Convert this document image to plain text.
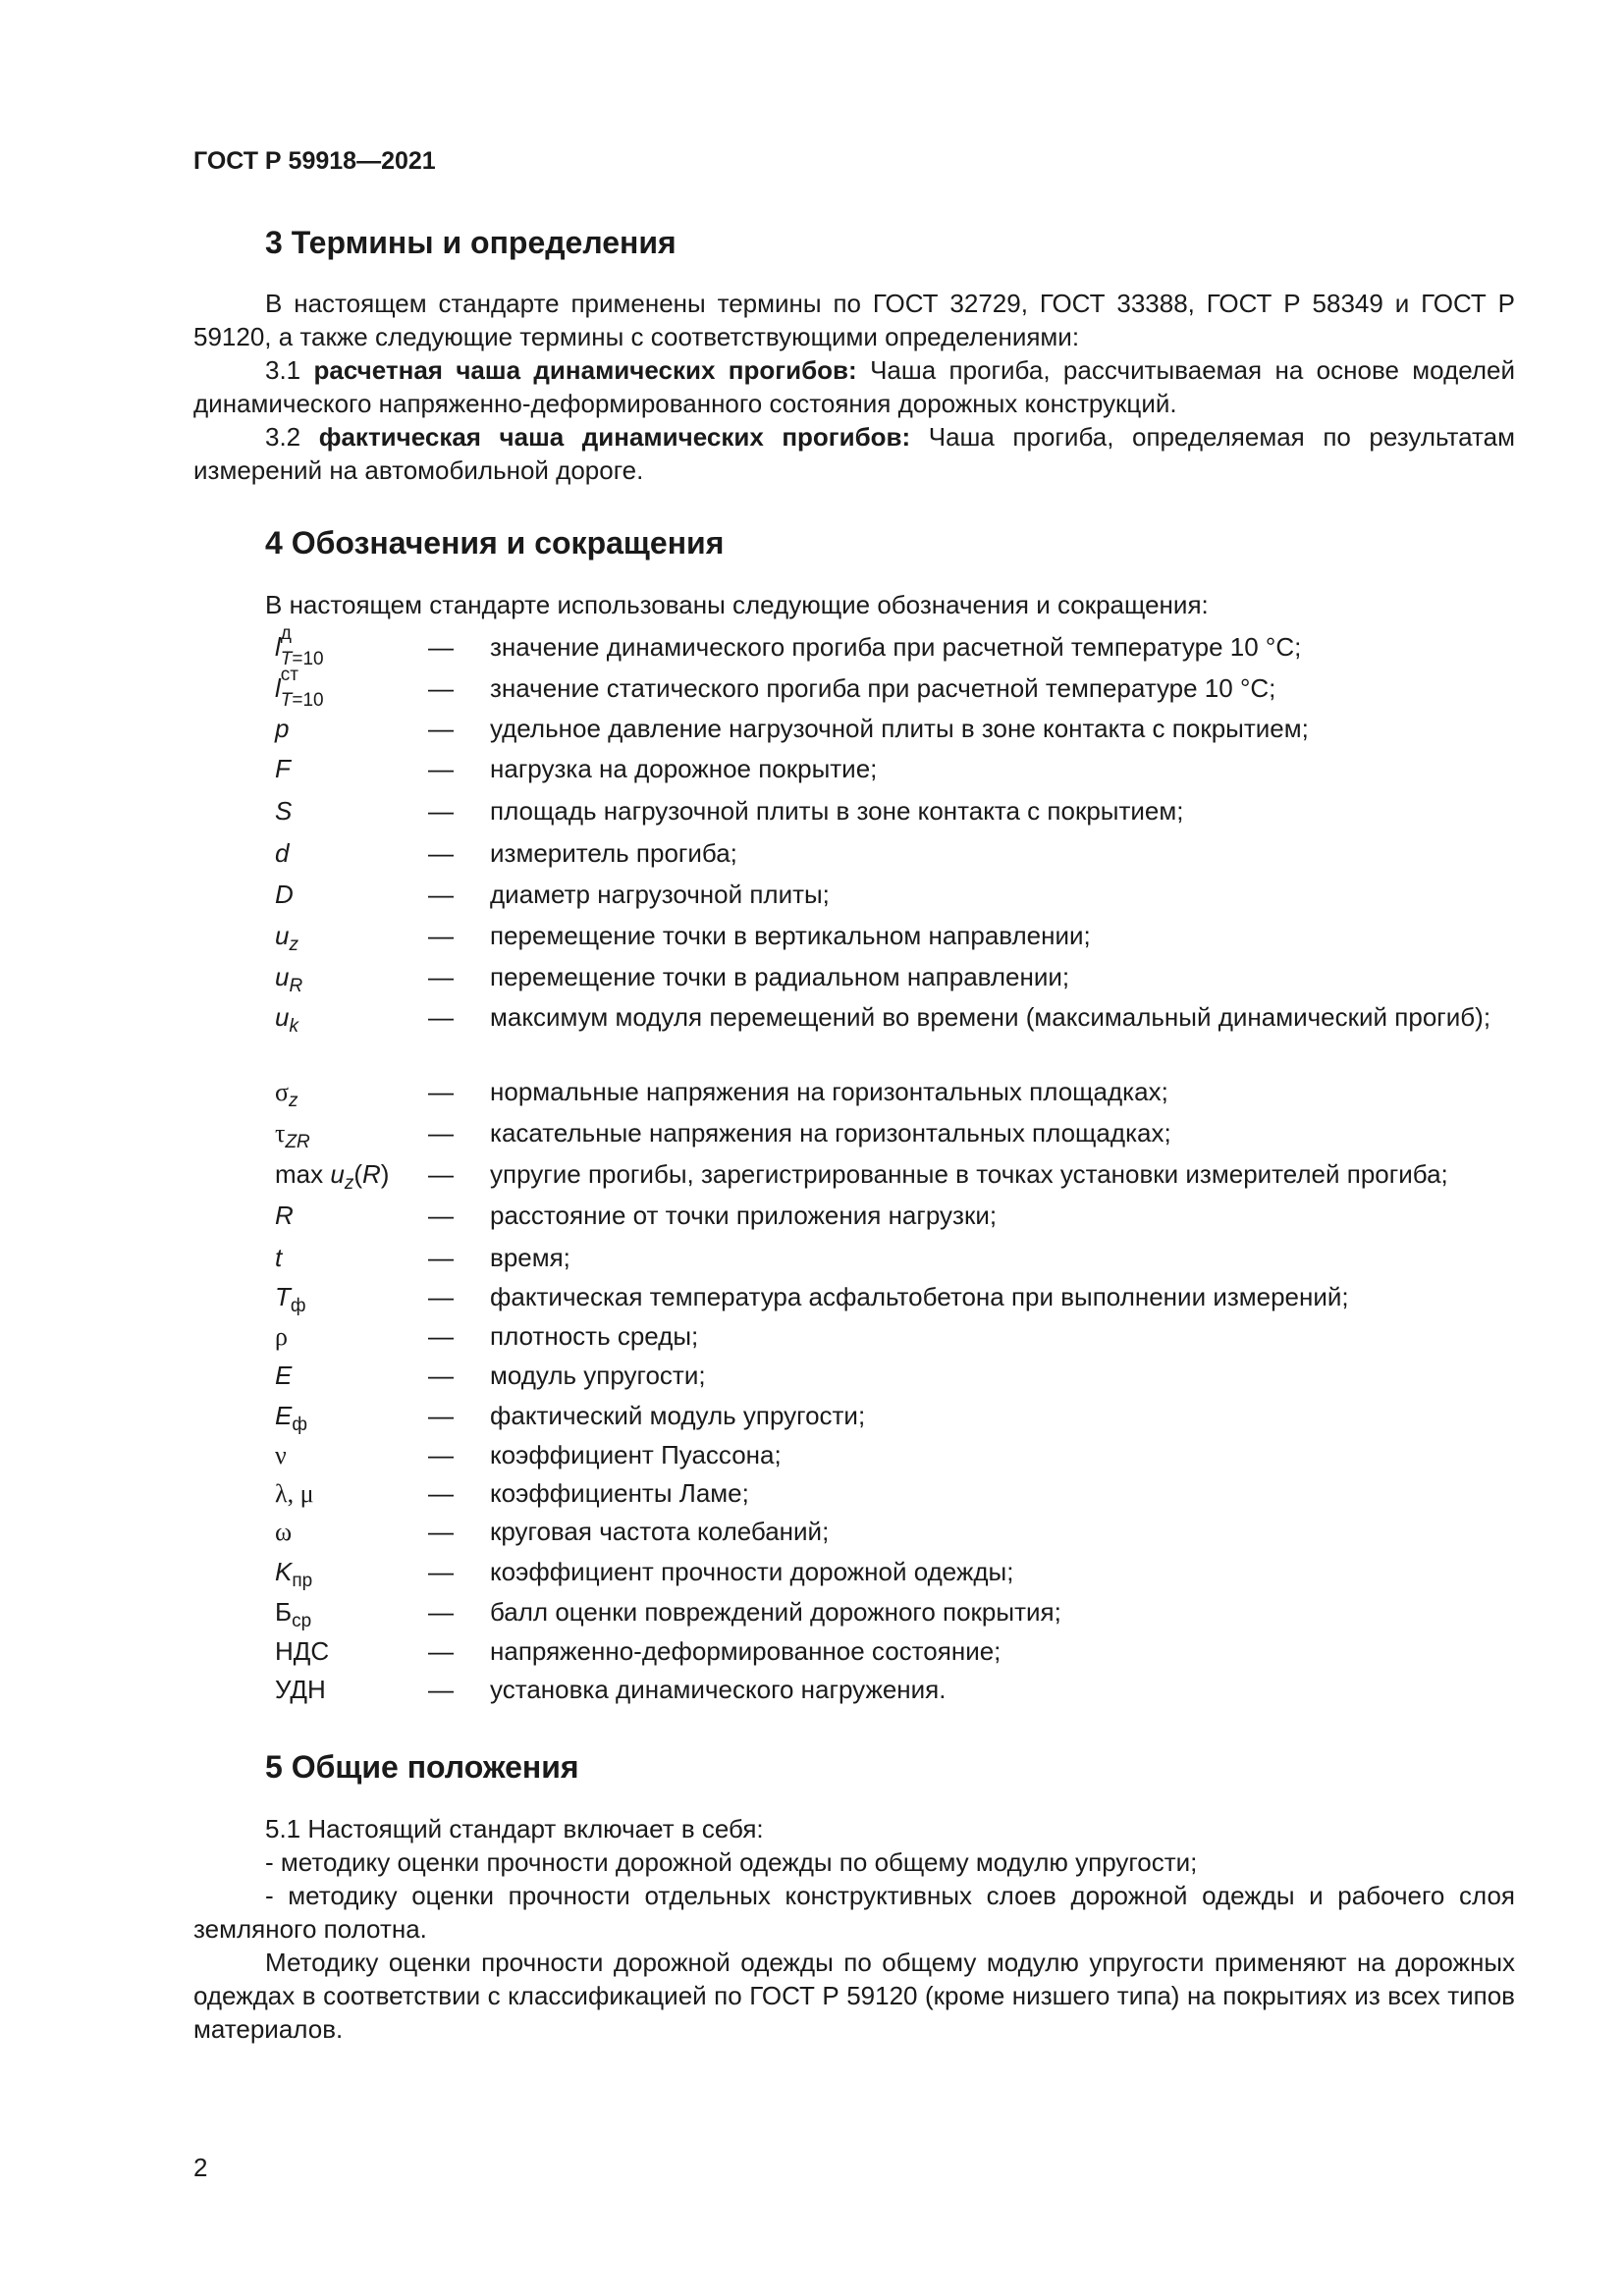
ГОСТ Р 59918—2021
3 Термины и определения

В настоящем стандарте применены термины по ГОСТ 32729, ГОСТ 33388, ГОСТ Р 58349 и ГОСТ Р 59120, а также следующие термины с соответствующими определениями:

3.1 расчетная чаша динамических прогибов: Чаша прогиба, рассчитываемая на основе моделей динамического напряженно-деформированного состояния дорожных конструкций.

3.2 фактическая чаша динамических прогибов: Чаша прогиба, определяемая по результатам измерений на автомобильной дороге.

4 Обозначения и сокращения

В настоящем стандарте использованы следующие обозначения и сокращения:

l д
T=10	— значение динамического прогиба при расчетной температуре 10 °C;
l ст
T=10	— значение статического прогиба при расчетной температуре 10 °C;
p	— удельное давление нагрузочной плиты в зоне контакта с покрытием;
F	— нагрузка на дорожное покрытие;
S	— площадь нагрузочной плиты в зоне контакта с покрытием;
d	— измеритель прогиба;
D	— диаметр нагрузочной плиты;
$u_z$	— перемещение точки в вертикальном направлении;
$u_R$	— перемещение точки в радиальном направлении;
$u_k$	— максимум модуля перемещений во времени (максимальный динамический прогиб);
$\sigma_z$	— нормальные напряжения на горизонтальных площадках;
$\tau_{ZR}$	— касательные напряжения на горизонтальных площадках;
$\max u_z(R)$ — упругие прогибы, зарегистрированные в точках установки измерителей прогиба;
R	— расстояние от точки приложения нагрузки;
t	— время;
$T_ф$	— фактическая температура асфальтобетона при выполнении измерений;
ρ	— плотность среды;
E	— модуль упругости;
$E_ф$	— фактический модуль упругости;
ν	— коэффициент Пуассона;
λ, μ	— коэффициенты Ламе;
ω	— круговая частота колебаний;
$K_{пр}$	— коэффициент прочности дорожной одежды;
$Б_{ср}$	— балл оценки повреждений дорожного покрытия;
НДС	— напряженно-деформированное состояние;
УДН	— установка динамического нагружения.
5 Общие положения

5.1 Настоящий стандарт включает в себя:

- методику оценки прочности дорожной одежды по общему модулю упругости;

- методику оценки прочности отдельных конструктивных слоев дорожной одежды и рабочего слоя земляного полотна.

Методику оценки прочности дорожной одежды по общему модулю упругости применяют на дорожных одеждах в соответствии с классификацией по ГОСТ Р 59120 (кроме низшего типа) на покрытиях из всех типов материалов.

2
